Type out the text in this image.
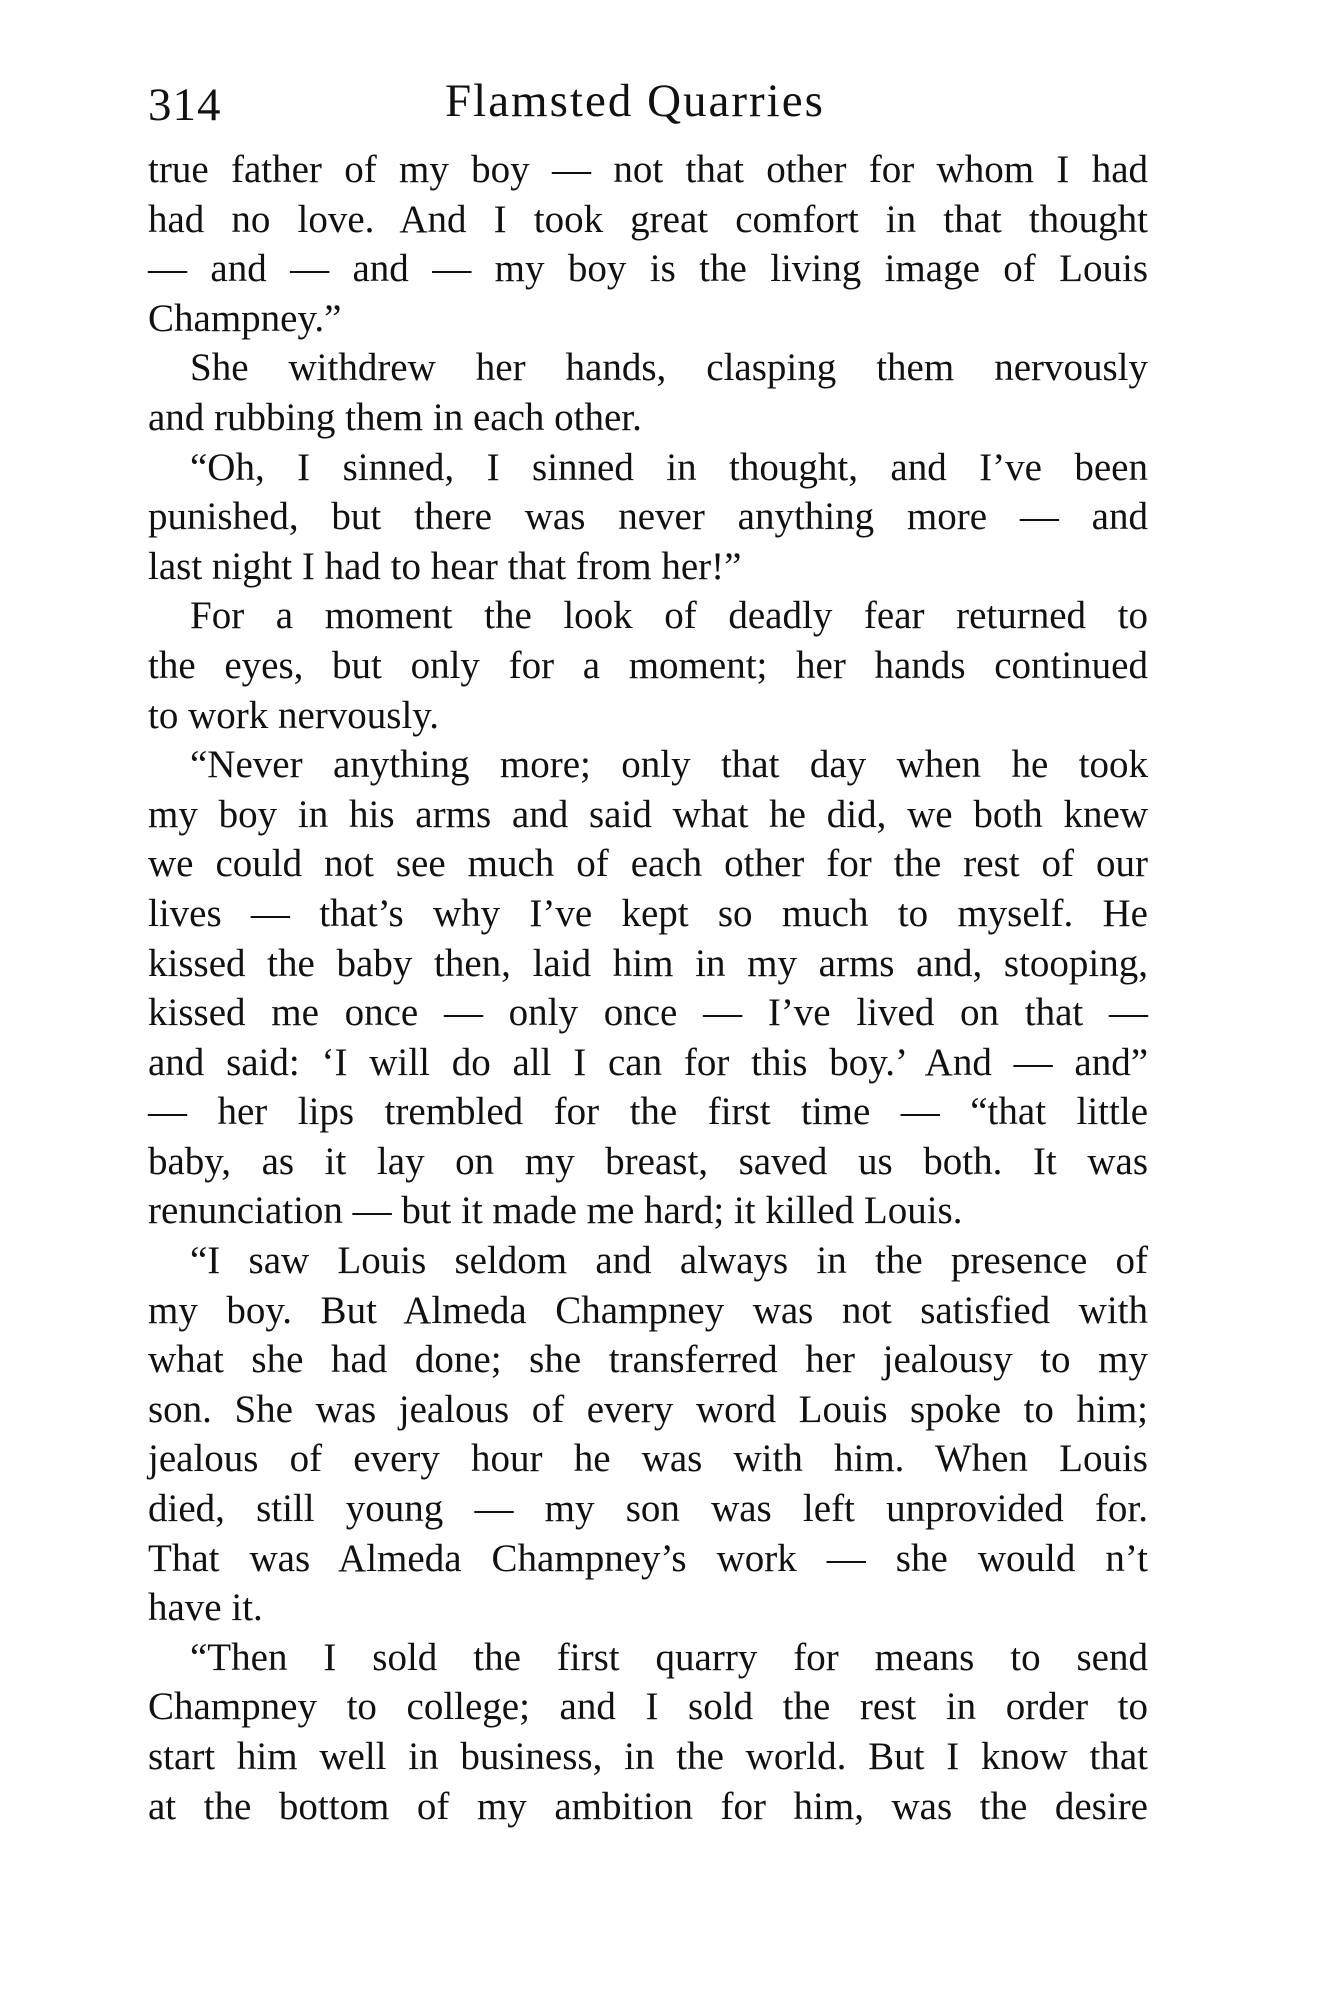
314	Flamsted Quarries
true father of my boy — not that other for whom I had
had no love. And I took great comfort in that thought
— and — and — my boy is the living image of Louis
Champney.”
She withdrew her hands, clasping them nervously
and rubbing them in each other.
“Oh, I sinned, I sinned in thought, and I’ve been
punished, but there was never anything more — and
last night I had to hear that from her!”
For a moment the look of deadly fear returned to
the eyes, but only for a moment; her hands continued
to work nervously.
“Never anything more; only that day when he took
my boy in his arms and said what he did, we both knew
we could not see much of each other for the rest of our
lives — that’s why I’ve kept so much to myself. He
kissed the baby then, laid him in my arms and, stooping,
kissed me once — only once — I’ve lived on that —
and said: ‘I will do all I can for this boy.’ And — and”
— her lips trembled for the first time — “that little
baby, as it lay on my breast, saved us both. It was
renunciation — but it made me hard; it killed Louis.
“I saw Louis seldom and always in the presence of
my boy. But Almeda Champney was not satisfied with
what she had done; she transferred her jealousy to my
son. She was jealous of every word Louis spoke to him;
jealous of every hour he was with him. When Louis
died, still young — my son was left unprovided for.
That was Almeda Champney’s work — she would n’t
have it.
“Then I sold the first quarry for means to send
Champney to college; and I sold the rest in order to
start him well in business, in the world. But I know that
at the bottom of my ambition for him, was the desire
